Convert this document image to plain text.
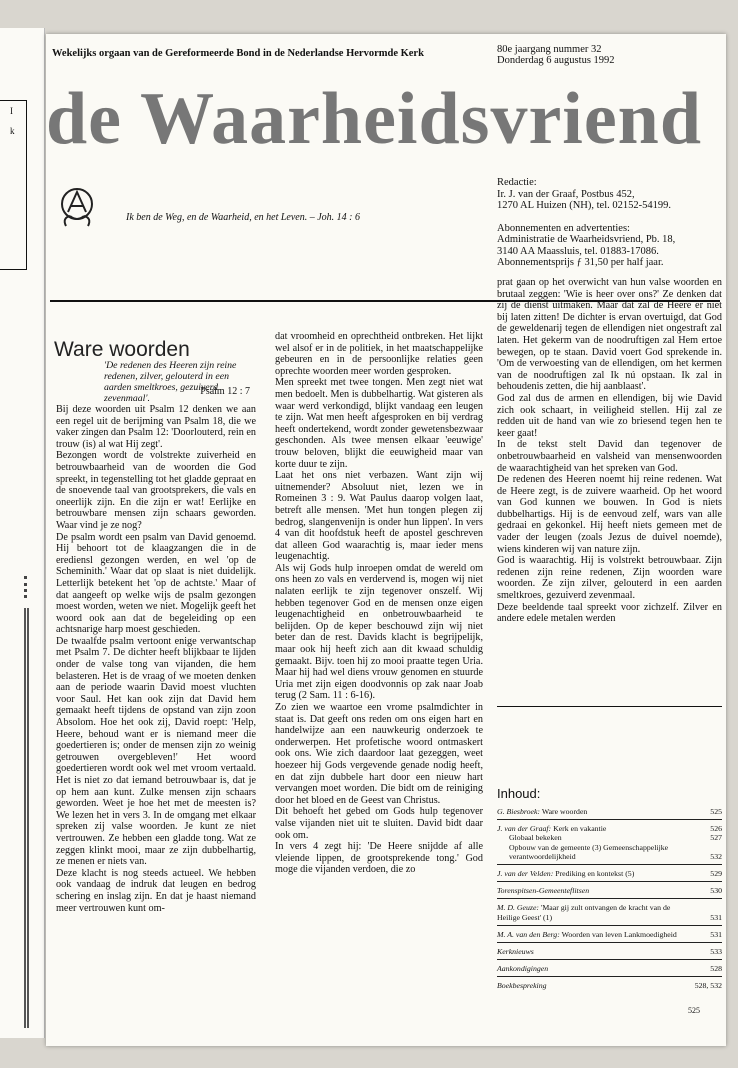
I
k
Wekelijks orgaan van de Gereformeerde Bond in de Nederlandse Hervormde Kerk	80e jaargang nummer 32
Donderdag 6 augustus 1992
de Waarheidsvriend
Ik ben de Weg, en de Waarheid, en het Leven. – Joh. 14 : 6
Redactie:
Ir. J. van der Graaf, Postbus 452,
1270 AL Huizen (NH), tel. 02152-54199.
Abonnementen en advertenties:
Administratie de Waarheidsvriend, Pb. 18,
3140 AA Maassluis, tel. 01883-17086.
Abonnementsprijs ƒ 31,50 per half jaar.
Ware woorden
'De redenen des Heeren zijn reine redenen, zilver, gelouterd in een aarden smeltkroes, gezuiverd zevenmaal'.
Psalm 12 : 7

Bij deze woorden uit Psalm 12 denken we aan een regel uit de berijming van Psalm 18, die we vaker zingen dan Psalm 12: 'Doorlouterd, rein en trouw (is) al wat Hij zegt'.

Bezongen wordt de volstrekte zuiverheid en betrouwbaarheid van de woorden die God spreekt, in tegenstelling tot het gladde gepraat en de snoevende taal van grootsprekers, die vals en oneerlijk zijn. En die zijn er wat! Eerlijke en betrouwbare mensen zijn schaars geworden. Waar vind je ze nog?

De psalm wordt een psalm van David genoemd. Hij behoort tot de klaagzangen die in de erediensl gezongen werden, en wel 'op de Scheminith.' Waar dat op slaat is niet duidelijk. Letterlijk betekent het 'op de achtste.' Maar of dat aangeeft op welke wijs de psalm gezongen moest worden, weten we niet. Mogelijk geeft het woord ook aan dat de begeleiding op een achtsnarige harp moest geschieden.

De twaalfde psalm vertoont enige verwantschap met Psalm 7. De dichter heeft blijkbaar te lijden onder de valse tong van vijanden, die hem belasteren. Het is de vraag of we moeten denken aan de periode waarin David moest vluchten voor Saul. Het kan ook zijn dat David hem gemaakt heeft tijdens de opstand van zijn zoon Absolom. Hoe het ook zij, David roept: 'Help, Heere, behoud want er is niemand meer die goedertieren is; onder de mensen zijn zo weinig getrouwen overgebleven!' Het woord goedertieren wordt ook wel met vroom vertaald. Het is niet zo dat iemand betrouwbaar is, dat je op hem aan kunt. Zulke mensen zijn schaars geworden. Weet je hoe het met de meesten is? We lezen het in vers 3. In de omgang met elkaar spreken zij valse woorden. Je kunt ze niet vertrouwen. Ze hebben een gladde tong. Wat ze zeggen klinkt mooi, maar ze zijn dubbelhartig, ze menen er niets van.

Deze klacht is nog steeds actueel. We hebben ook vandaag de indruk dat leugen en bedrog schering en inslag zijn. En dat je haast niemand meer vertrouwen kunt om-

dat vroomheid en oprechtheid ontbreken. Het lijkt wel alsof er in de politiek, in het maatschappelijke gebeuren en in de persoonlijke relaties geen oprechte woorden meer worden gesproken.

Men spreekt met twee tongen. Men zegt niet wat men bedoelt. Men is dubbelhartig. Wat gisteren als waar werd verkondigd, blijkt vandaag een leugen te zijn. Wat men heeft afgesproken en bij verdrag heeft ondertekend, wordt zonder gewetensbezwaar geschonden. Als twee mensen elkaar 'eeuwige' trouw beloven, blijkt die eeuwigheid maar van korte duur te zijn.

Laat het ons niet verbazen. Want zijn wij uitnemender? Absoluut niet, lezen we in Romeinen 3 : 9. Wat Paulus daarop volgen laat, betreft alle mensen. 'Met hun tongen plegen zij bedrog, slangenvenijn is onder hun lippen'. In vers 4 van dit hoofdstuk heeft de apostel geschreven dat alleen God waarachtig is, maar ieder mens leugenachtig.

Als wij Gods hulp inroepen omdat de wereld om ons heen zo vals en verdervend is, mogen wij niet nalaten eerlijk te zijn tegenover onszelf. Wij hebben tegenover God en de mensen onze eigen leugenachtigheid en onbetrouwbaarheid te belijden. Op de keper beschouwd zijn wij niet beter dan de rest. Davids klacht is begrijpelijk, maar ook hij heeft zich aan dit kwaad schuldig gemaakt. Bijv. toen hij zo mooi praatte tegen Uria. Maar hij had wel diens vrouw genomen en stuurde Uria met zijn eigen doodvonnis op zak naar Joab terug (2 Sam. 11 : 6-16).

Zo zien we waartoe een vrome psalmdichter in staat is. Dat geeft ons reden om ons eigen hart en handelwijze aan een nauwkeurig onderzoek te onderwerpen. Het profetische woord ontmaskert ook ons. Wie zich daardoor laat gezeggen, weet hoezeer hij Gods vergevende genade nodig heeft, en dat zijn dubbele hart door een nieuw hart vervangen moet worden. Die bidt om de reiniging door het bloed en de Geest van Christus.

Dit behoeft het gebed om Gods hulp tegenover valse vijanden niet uit te sluiten. David bidt daar ook om.

In vers 4 zegt hij: 'De Heere snijdde af alle vleiende lippen, de grootsprekende tong.' God moge die vijanden verdoen, die zo

prat gaan op het overwicht van hun valse woorden en brutaal zeggen: 'Wie is heer over ons?' Ze denken dat zij de dienst uitmaken. Maar dat zal de Heere er niet bij laten zitten! De dichter is ervan overtuigd, dat God de geweldenarij tegen de ellendigen niet ongestraft zal laten. Het gekerm van de noodruftigen zal Hem ertoe bewegen, op te staan. David voert God sprekende in. 'Om de verwoesting van de ellendigen, om het kermen van de noodruftigen zal Ik nú opstaan. Ik zal in behoudenis zetten, die hij aanblaast'.

God zal dus de armen en ellendigen, bij wie David zich ook schaart, in veiligheid stellen. Hij zal ze redden uit de hand van wie zo briesend tegen hen te keer gaat!

In de tekst stelt David dan tegenover de onbetrouwbaarheid en valsheid van mensenwoorden de waarachtigheid van het spreken van God.

De redenen des Heeren noemt hij reine redenen. Wat de Heere zegt, is de zuivere waarheid. Op het woord van God kunnen we bouwen. In God is niets dubbelhartigs. Hij is de eenvoud zelf, wars van alle gedraai en gekonkel. Hij heeft niets gemeen met de vader der leugen (zoals Jezus de duivel noemde), wiens kinderen wij van nature zijn.

God is waarachtig. Hij is volstrekt betrouwbaar. Zijn redenen zijn reine redenen, Zijn woorden ware woorden. Ze zijn zilver, gelouterd in een aarden smeltkroes, gezuiverd zevenmaal.

Deze beeldende taal spreekt voor zichzelf. Zilver en andere edele metalen werden

Inhoud:
G. Biesbroek: Ware woorden	525
J. van der Graaf: Kerk en vakantie	526
Globaal bekeken	527
Opbouw van de gemeente (3) Gemeenschappelijke verantwoordelijkheid	532
J. van der Velden: Prediking en kontekst (5)	529
Torenspitsen-Gemeenteflitsen	530
M. D. Geuze: 'Maar gij zult ontvangen de kracht van de Heilige Geest' (1)	531
M. A. van den Berg: Woorden van leven Lankmoedigheid	531
Kerknieuws	533
Aankondigingen	528
Boekbespreking	528, 532
525
